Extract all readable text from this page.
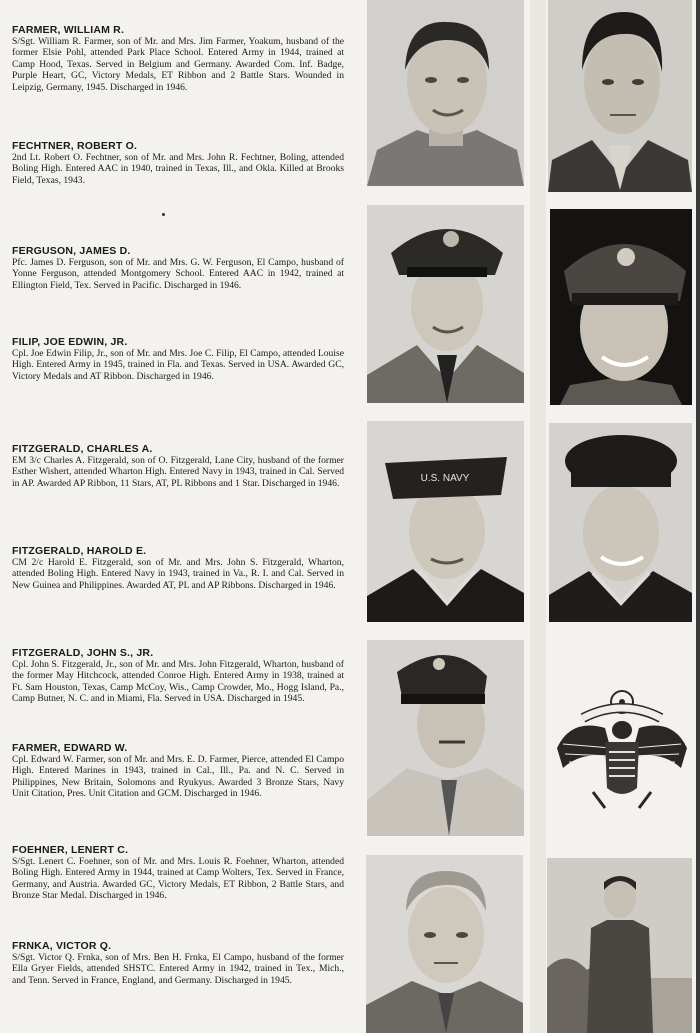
FARMER, WILLIAM R.
S/Sgt. William R. Farmer, son of Mr. and Mrs. Jim Farmer, Yoakum, husband of the former Elsie Pohl, attended Park Place School. Entered Army in 1944, trained at Camp Hood, Texas. Served in Belgium and Germany. Awarded Com. Inf. Badge, Purple Heart, GC, Victory Medals, ET Ribbon and 2 Battle Stars. Wounded in Leipzig, Germany, 1945. Discharged in 1946.
FECHTNER, ROBERT O.
2nd Lt. Robert O. Fechtner, son of Mr. and Mrs. John R. Fechtner, Boling, attended Boling High. Entered AAC in 1940, trained in Texas, Ill., and Okla. Killed at Brooks Field, Texas, 1943.
FERGUSON, JAMES D.
Pfc. James D. Ferguson, son of Mr. and Mrs. G. W. Ferguson, El Campo, husband of Yonne Ferguson, attended Montgomery School. Entered AAC in 1942, trained at Ellington Field, Tex. Served in Pacific. Discharged in 1946.
FILIP, JOE EDWIN, JR.
Cpl. Joe Edwin Filip, Jr., son of Mr. and Mrs. Joe C. Filip, El Campo, attended Louise High. Entered Army in 1945, trained in Fla. and Texas. Served in USA. Awarded GC, Victory Medals and AT Ribbon. Discharged in 1946.
FITZGERALD, CHARLES A.
EM 3/c Charles A. Fitzgerald, son of O. Fitzgerald, Lane City, husband of the former Esther Wishert, attended Wharton High. Entered Navy in 1943, trained in Cal. Served in AP. Awarded AP Ribbon, 11 Stars, AT, PL Ribbons and 1 Star. Discharged in 1946.
FITZGERALD, HAROLD E.
CM 2/c Harold E. Fitzgerald, son of Mr. and Mrs. John S. Fitzgerald, Wharton, attended Boling High. Entered Navy in 1943, trained in Va., R. I. and Cal. Served in New Guinea and Philippines. Awarded AT, PL and AP Ribbons. Discharged in 1946.
FITZGERALD, JOHN S., JR.
Cpl. John S. Fitzgerald, Jr., son of Mr. and Mrs. John Fitzgerald, Wharton, husband of the former May Hitchcock, attended Conroe High. Entered Army in 1938, trained at Ft. Sam Houston, Texas, Camp McCoy, Wis., Camp Crowder, Mo., Hogg Island, Pa., Camp Butner, N. C. and in Miami, Fla. Served in USA. Discharged in 1945.
FARMER, EDWARD W.
Cpl. Edward W. Farmer, son of Mr. and Mrs. E. D. Farmer, Pierce, attended El Campo High. Entered Marines in 1943, trained in Cal., Ill., Pa. and N. C. Served in Philippines, New Britain, Solomons and Ryukyus. Awarded 3 Bronze Stars, Navy Unit Citation, Pres. Unit Citation and GCM. Discharged in 1946.
FOEHNER, LENERT C.
S/Sgt. Lenert C. Foehner, son of Mr. and Mrs. Louis R. Foehner, Wharton, attended Boling High. Entered Army in 1944, trained at Camp Wolters, Tex. Served in France, Germany, and Austria. Awarded GC, Victory Medals, ET Ribbon, 2 Battle Stars, and Bronze Star Medal. Discharged in 1946.
FRNKA, VICTOR Q.
S/Sgt. Victor Q. Frnka, son of Mrs. Ben H. Frnka, El Campo, husband of the former Ella Gryer Fields, attended SHSTC. Entered Army in 1942, trained in Tex., Mich., and Tenn. Served in France, England, and Germany. Discharged in 1945.
U.S. NAVY
